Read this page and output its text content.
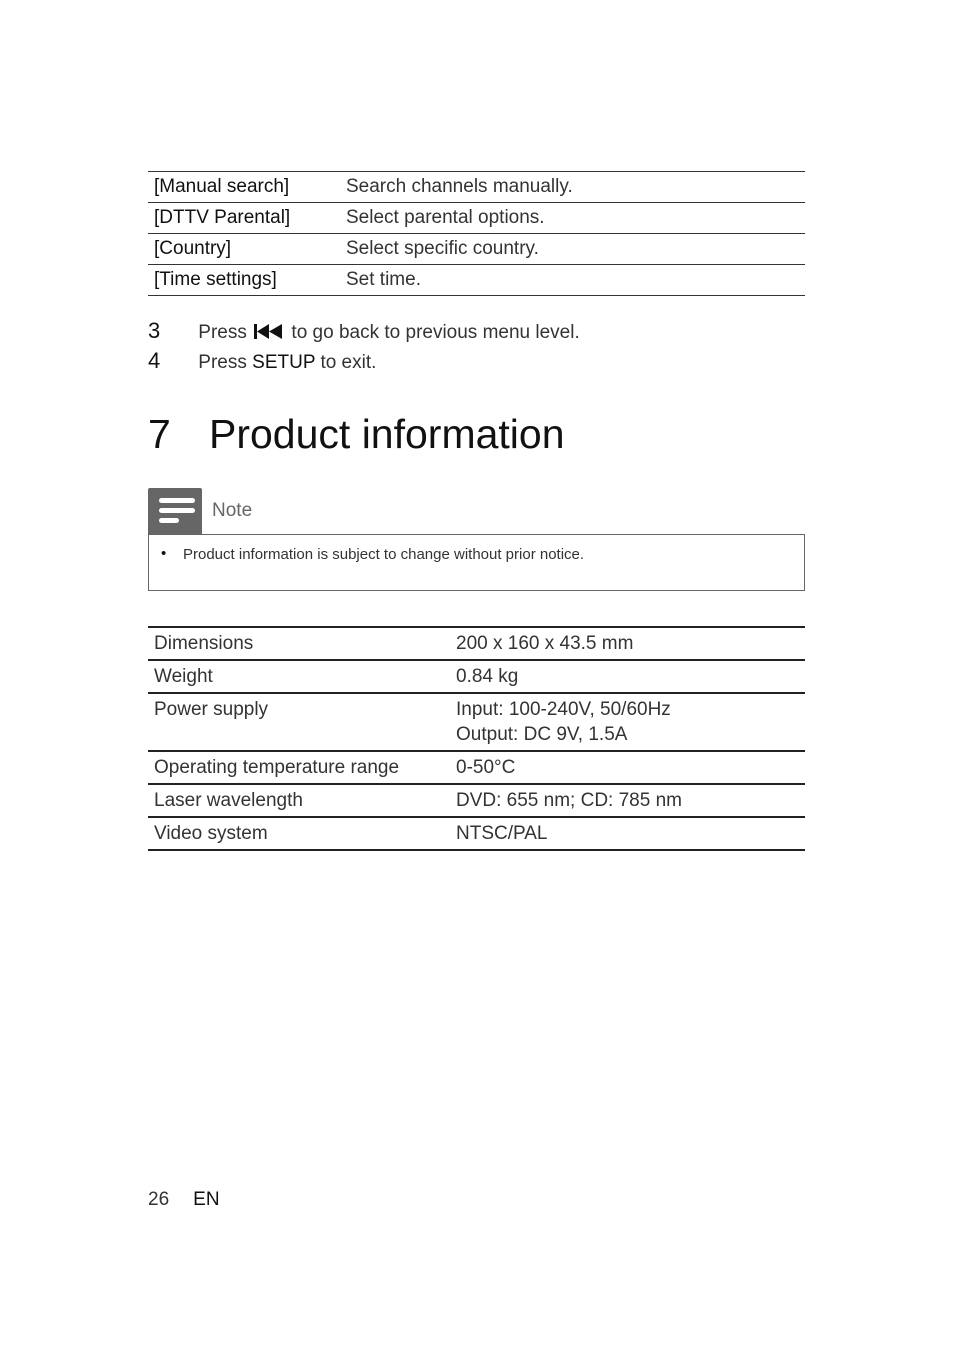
[Manual search]	Search channels manually.
[DTTV Parental]	Select parental options.
[Country]	Select specific country.
[Time settings]	Set time.
3 Press to go back to previous menu level.
4 Press SETUP to exit.
7 Product information
Note
• Product information is subject to change without prior notice.
Dimensions	200 x 160 x 43.5 mm
Weight	0.84 kg
Power supply	Input: 100-240V, 50/60Hz
Output: DC 9V, 1.5A

Operating temperature range	0-50°C
Laser wavelength	DVD: 655 nm; CD: 785 nm
Video system	NTSC/PAL
26 EN
